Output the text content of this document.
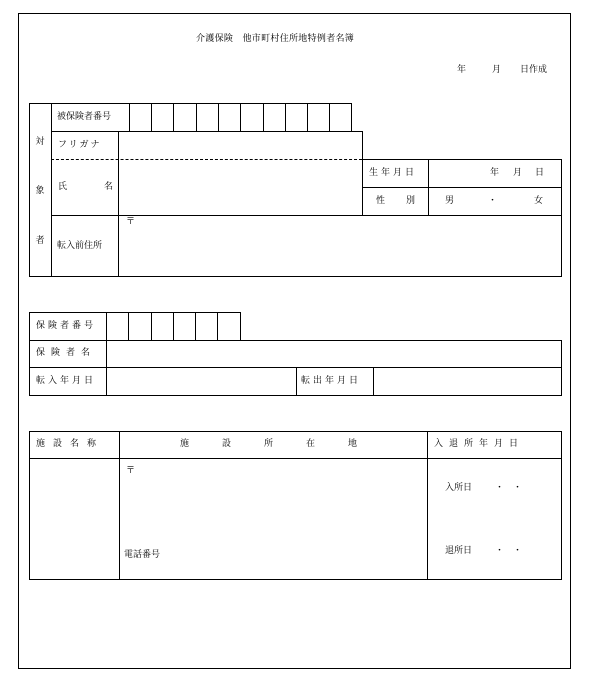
介護保険　他市町村住所地特例者名簿
年	月 日作成
対
象
者
被保険者番号
フリガナ
氏	名
生年月日	年 月 日
性 別	男	・	女
転入前住所
〒
保険者番号
保険者名
転入年月日	転出年月日
施設名称	施設所在地	入退所年月日
〒
電話番号
入所日	・　・
退所日	・　・
